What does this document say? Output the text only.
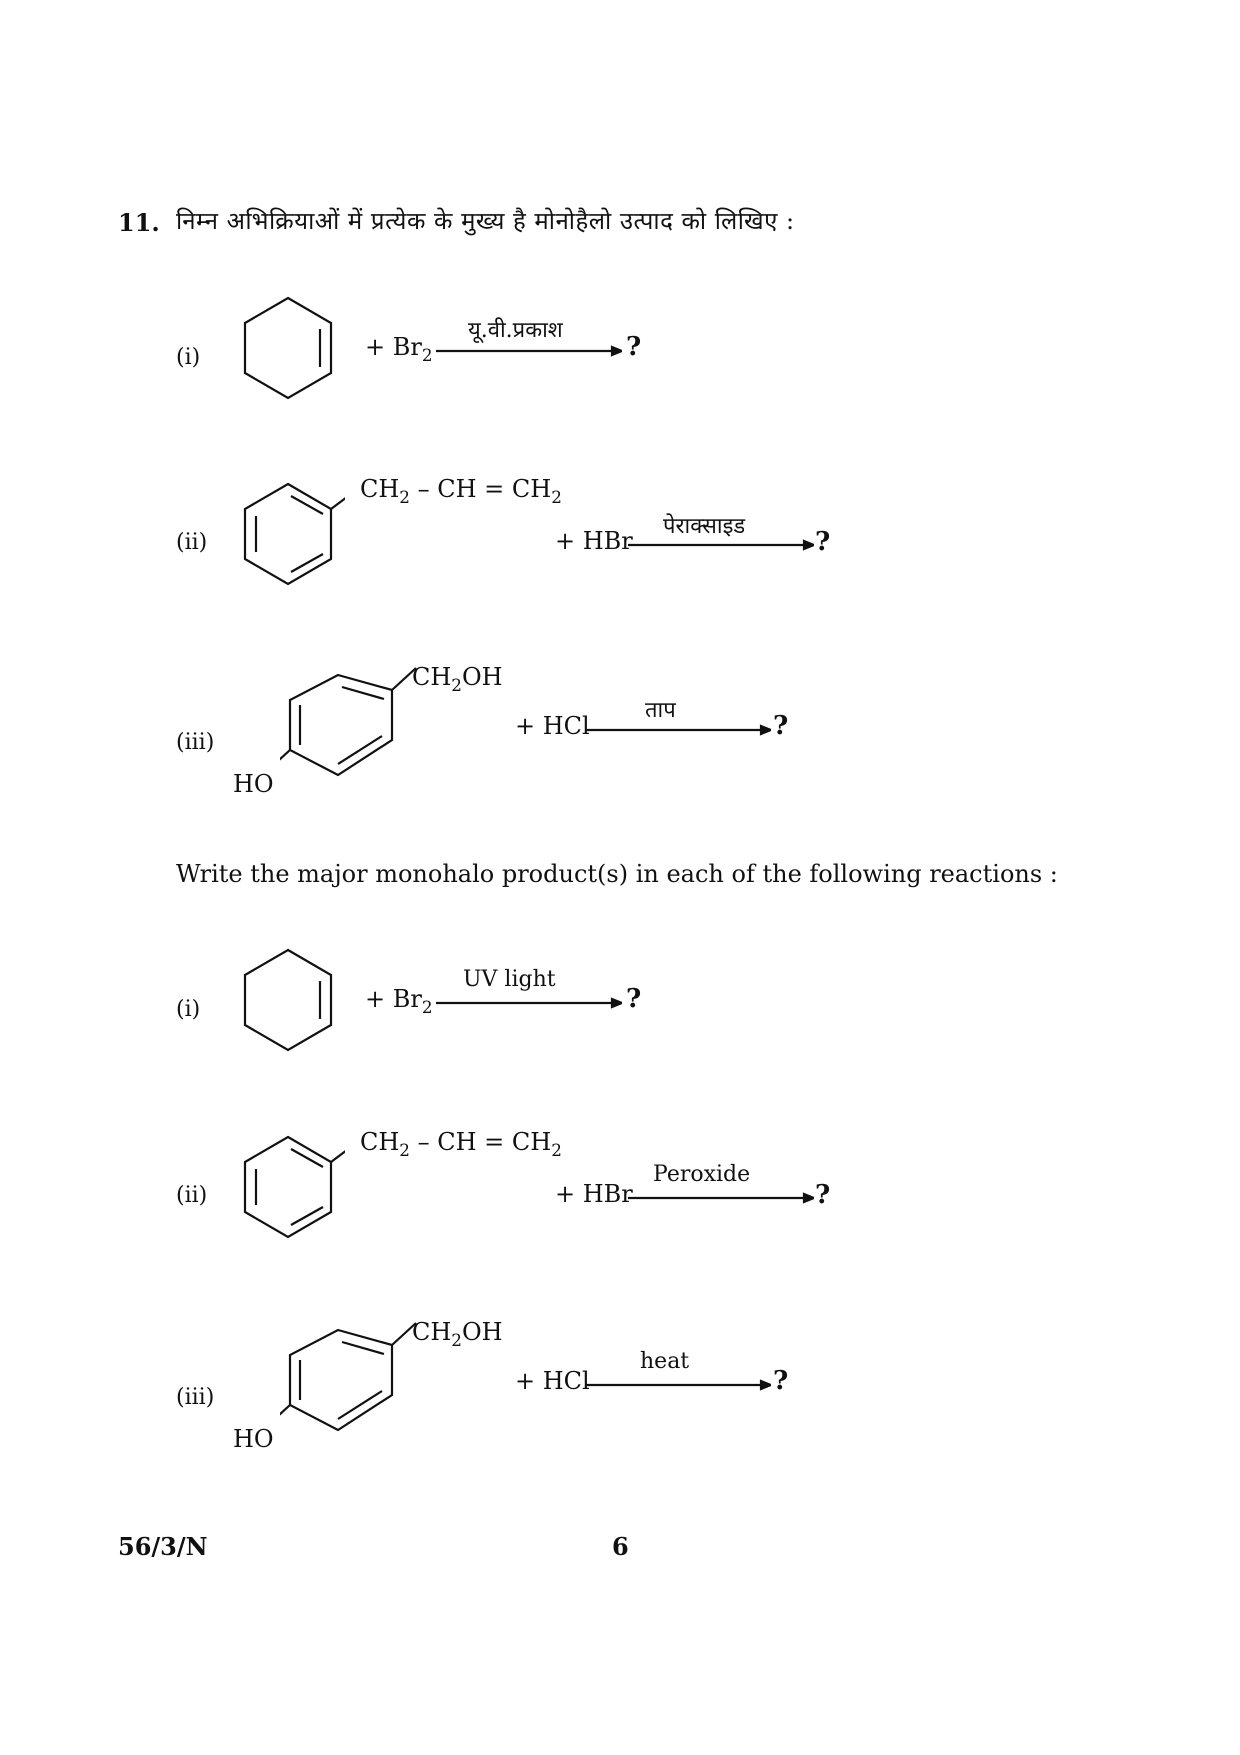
11. निम्न अभिक्रियाओं में प्रत्येक के मुख्य है मोनोहैलो उत्पाद को लिखिए :
(i)	+ $Br_2$
यू.वी.प्रकाश
?
(ii)
$CH_2$ – CH = $CH_2$
+ HBr
पेराक्साइड
?
(iii)
$CH_2OH$
HO
+ HCl
ताप
?
Write the major monohalo product(s) in each of the following reactions :
(i)	+ $Br_2$
UV light
?
(ii)
$CH_2$ – CH = $CH_2$
+ HBr
Peroxide
?
(iii)
$CH_2OH$
HO
+ HCl
heat
?
56/3/N	6
